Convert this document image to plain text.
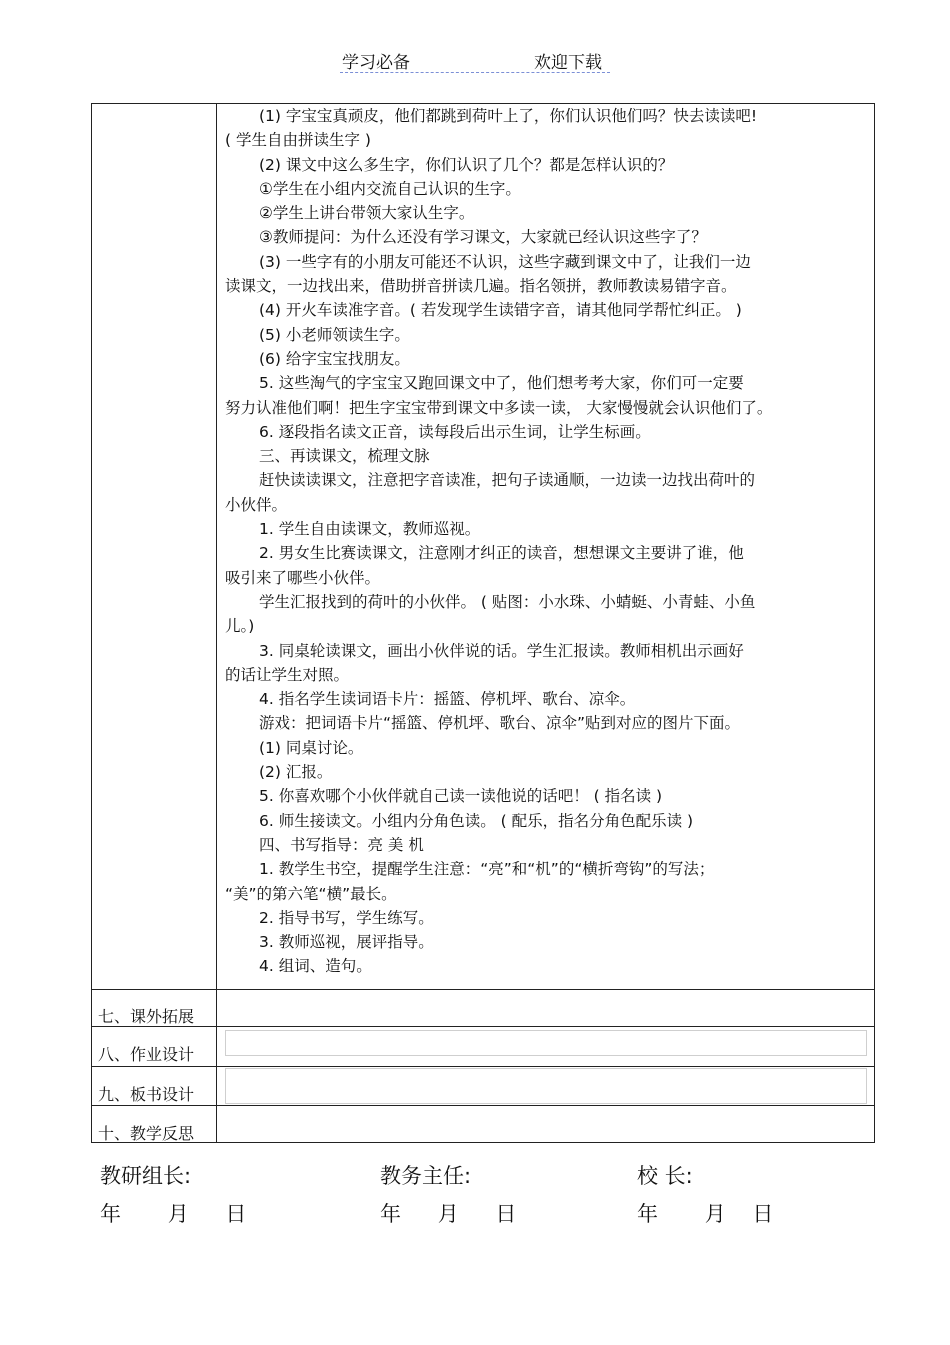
学习必备	欢迎下载
(1) 字宝宝真顽皮，他们都跳到荷叶上了，你们认识他们吗？快去读读吧!
( 学生自由拼读生字 )
(2) 课文中这么多生字，你们认识了几个？都是怎样认识的？
①学生在小组内交流自己认识的生字。
②学生上讲台带领大家认生字。
③教师提问：为什么还没有学习课文，大家就已经认识这些字了？
(3) 一些字有的小朋友可能还不认识，这些字藏到课文中了，让我们一边
读课文，一边找出来，借助拼音拼读几遍。指名领拼，教师教读易错字音。
(4) 开火车读准字音。( 若发现学生读错字音，请其他同学帮忙纠正。 )
(5) 小老师领读生字。
(6) 给字宝宝找朋友。
5. 这些淘气的字宝宝又跑回课文中了，他们想考考大家，你们可一定要
努力认准他们啊！把生字宝宝带到课文中多读一读， 大家慢慢就会认识他们了。
6. 逐段指名读文正音，读每段后出示生词，让学生标画。
三、再读课文，梳理文脉
赶快读读课文，注意把字音读准，把句子读通顺，一边读一边找出荷叶的
小伙伴。
1. 学生自由读课文，教师巡视。
2. 男女生比赛读课文，注意刚才纠正的读音，想想课文主要讲了谁，他
吸引来了哪些小伙伴。
学生汇报找到的荷叶的小伙伴。 ( 贴图：小水珠、小蜻蜓、小青蛙、小鱼
儿。)
3. 同桌轮读课文，画出小伙伴说的话。学生汇报读。教师相机出示画好
的话让学生对照。
4. 指名学生读词语卡片：摇篮、停机坪、歌台、凉伞。
游戏：把词语卡片“摇篮、停机坪、歌台、凉伞”贴到对应的图片下面。
(1) 同桌讨论。
(2) 汇报。
5. 你喜欢哪个小伙伴就自己读一读他说的话吧！ ( 指名读 )
6. 师生接读文。小组内分角色读。 ( 配乐，指名分角色配乐读 )
四、书写指导：亮 美 机
1. 教学生书空，提醒学生注意：“亮”和“机”的“横折弯钩”的写法；
“美”的第六笔“横”最长。
2. 指导书写，学生练写。
3. 教师巡视，展评指导。
4. 组词、造句。
七、课外拓展
八、作业设计
九、板书设计
十、教学反思
教研组长:	教务主任:	校 长:
年 月 日	年 月 日	年 月 日
